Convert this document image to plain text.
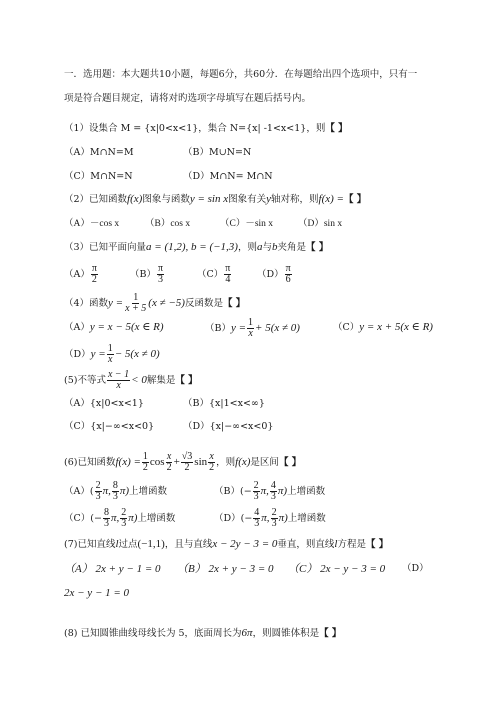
一．选用题：本大题共10小题，每题6分，共60分．在每题给出四个选项中，只有一
项是符合题目规定，请将对旳选项字母填写在题后括号内。
（1）设集合 M = {x|0<x<1}，集合 N={x| -1<x<1}，则【 】
（A）M∩N=M	（B）M∪N=N
（C）M∩N=N	（D）M∩N= M∩N
（2）已知函数f(x)图象与函数y = sin x图象有关y轴对称，则f(x) =【 】
（A）－cos x	（B）cos x	（C）－sin x	（D）sin x
（3）已知平面向量a = (1,2), b = (−1,3)，则a与b夹角是【 】
$(A) \frac{\pi}{2}$	$(B) \frac{\pi}{3}$	$(C) \frac{\pi}{4}$	$(D) \frac{\pi}{6}$
（4）函数$y = \frac{1}{x + 5} (x \ne -5)$反函数是【 】
（A）y = x − 5(x ∈ R)	$(B)y = \frac{1}{x} + 5(x \ne 0)$	（C）y = x + 5(x ∈ R)
$(D)y = \frac{1}{x} - 5(x \ne 0)$
(5)不等式 $\frac{x - 1}{x} < 0$解集是【 】
（A）{x|0<x<1}	（B）{x|1<x<∞}
（C）{x|−∞<x<0}	（D）{x|−∞<x<0}
(6)已知函数$f(x) = \frac{1}{2}$ $\cos \frac{x}{2} + \frac{√3}{2}$ $\sin \frac{x}{2}$ ，则f(x)是区间【 】
$(A)( \frac{2}{3} \pi$, $\frac{8}{3} \pi$)上增函数	$(B)(- \frac{2}{3} \pi$, $\frac{4}{3} \pi$)上增函数
$(C)(- \frac{8}{3} \pi$, $\frac{2}{3} \pi$)上增函数	$(D)(- \frac{4}{3} \pi$, $\frac{2}{3} \pi$)上增函数
(7)已知直线l过点(−1,1)，且与直线x − 2y − 3 = 0垂直，则直线l方程是【 】
（A） 2x + y − 1 = 0 （B） 2x + y − 3 = 0 （C） 2x − y − 3 = 0 （D）
2x − y − 1 = 0
(8) 已知圆锥曲线母线长为 5，底面周长为6π，则圆锥体积是【 】
